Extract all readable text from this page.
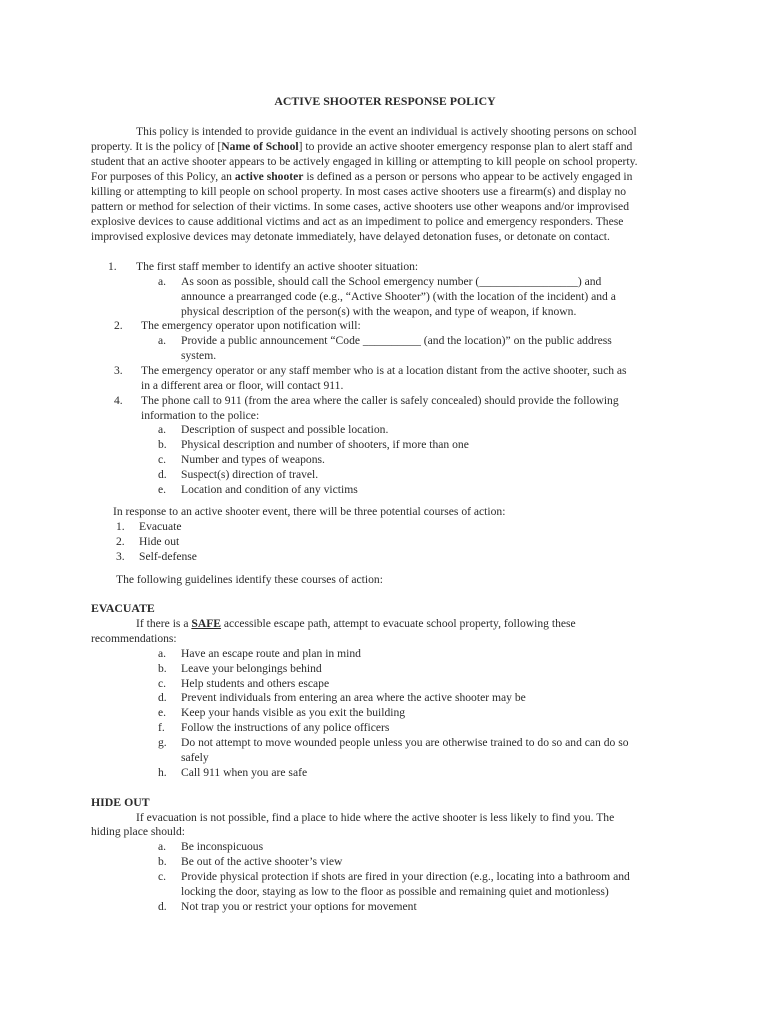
ACTIVE SHOOTER RESPONSE POLICY
This policy is intended to provide guidance in the event an individual is actively shooting persons on school
property. It is the policy of [Name of School] to provide an active shooter emergency response plan to alert staff and
student that an active shooter appears to be actively engaged in killing or attempting to kill people on school property.
For purposes of this Policy, an active shooter is defined as a person or persons who appear to be actively engaged in
killing or attempting to kill people on school property. In most cases active shooters use a firearm(s) and display no
pattern or method for selection of their victims. In some cases, active shooters use other weapons and/or improvised
explosive devices to cause additional victims and act as an impediment to police and emergency responders. These
improvised explosive devices may detonate immediately, have delayed detonation fuses, or detonate on contact.
1. The first staff member to identify an active shooter situation:
a. As soon as possible, should call the School emergency number (_________________) and
announce a prearranged code (e.g., “Active Shooter”) (with the location of the incident) and a
physical description of the person(s) with the weapon, and type of weapon, if known.
2. The emergency operator upon notification will:
a. Provide a public announcement “Code __________ (and the location)” on the public address
system.
3. The emergency operator or any staff member who is at a location distant from the active shooter, such as
in a different area or floor, will contact 911.
4. The phone call to 911 (from the area where the caller is safely concealed) should provide the following
information to the police:
a. Description of suspect and possible location.
b. Physical description and number of shooters, if more than one
c. Number and types of weapons.
d. Suspect(s) direction of travel.
e. Location and condition of any victims
In response to an active shooter event, there will be three potential courses of action:
1. Evacuate
2. Hide out
3. Self-defense
The following guidelines identify these courses of action:
EVACUATE
If there is a SAFE accessible escape path, attempt to evacuate school property, following these
recommendations:
a. Have an escape route and plan in mind
b. Leave your belongings behind
c. Help students and others escape
d. Prevent individuals from entering an area where the active shooter may be
e. Keep your hands visible as you exit the building
f. Follow the instructions of any police officers
g. Do not attempt to move wounded people unless you are otherwise trained to do so and can do so
safely
h. Call 911 when you are safe
HIDE OUT
If evacuation is not possible, find a place to hide where the active shooter is less likely to find you. The
hiding place should:
a. Be inconspicuous
b. Be out of the active shooter’s view
c. Provide physical protection if shots are fired in your direction (e.g., locating into a bathroom and
locking the door, staying as low to the floor as possible and remaining quiet and motionless)
d. Not trap you or restrict your options for movement
